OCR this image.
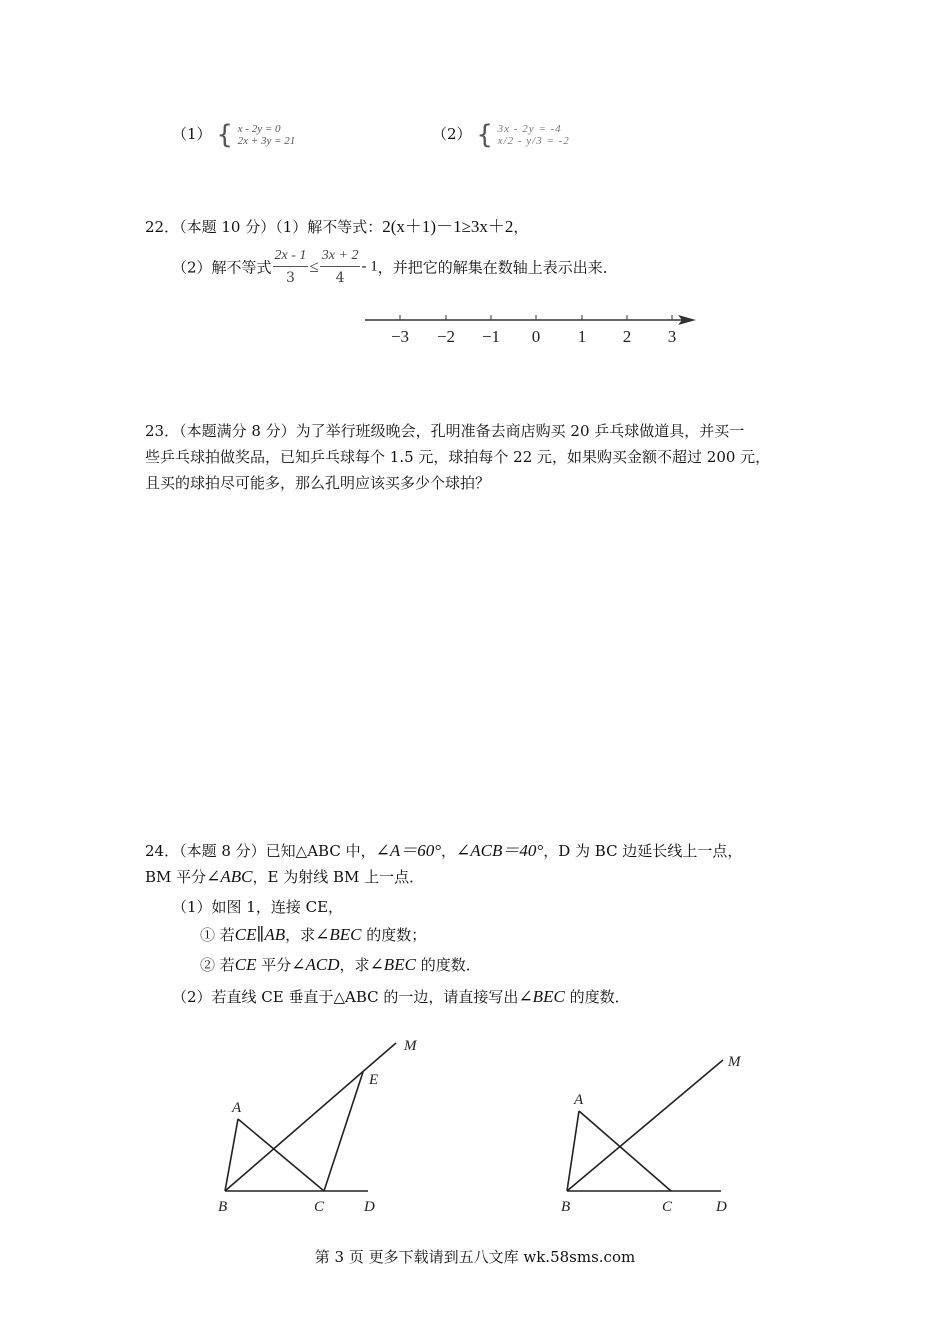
（1） { x - 2y = 0
2x + 3y = 21	（2） { 3x - 2y = -4
x/2 - y/3 = -2
22．（本题 10 分）（1）解不等式：2(x＋1)－1≥3x＋2，
（2）解不等式 $\frac{2x - 1}{3} \le \frac{3x + 2}{4} - 1$，并把它的解集在数轴上表示出来．
−3 −2 −1 0 1 2 3
23．（本题满分 8 分）为了举行班级晚会，孔明准备去商店购买 20 乒乓球做道具，并买一
些乒乓球拍做奖品，已知乒乓球每个 1.5 元，球拍每个 22 元，如果购买金额不超过 200 元，
且买的球拍尽可能多，那么孔明应该买多少个球拍？
24．（本题 8 分）已知△ABC 中，∠A＝60°，∠ACB＝40°，D 为 BC 边延长线上一点，
BM 平分∠ABC，E 为射线 BM 上一点．
（1）如图 1，连接 CE，
① 若CE∥AB，求∠BEC 的度数；
② 若CE 平分∠ACD，求∠BEC 的度数．
（2）若直线 CE 垂直于△ABC 的一边，请直接写出∠BEC 的度数．
M
E
A
B	C	D
M
A
B	C	D
第 3 页 更多下载请到五八文库 wk.58sms.com
